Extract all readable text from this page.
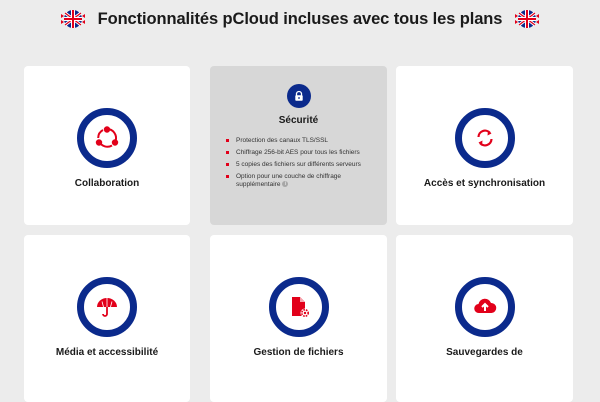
Fonctionnalités pCloud incluses avec tous les plans
Collaboration
Sécurité
Protection des canaux TLS/SSL
Chiffrage 256-bit AES pour tous les fichiers
5 copies des fichiers sur différents serveurs
Option pour une couche de chiffrage supplémentaire i	Accès et synchronisation
Média et accessibilité	Gestion de fichiers	Sauvegardes de
